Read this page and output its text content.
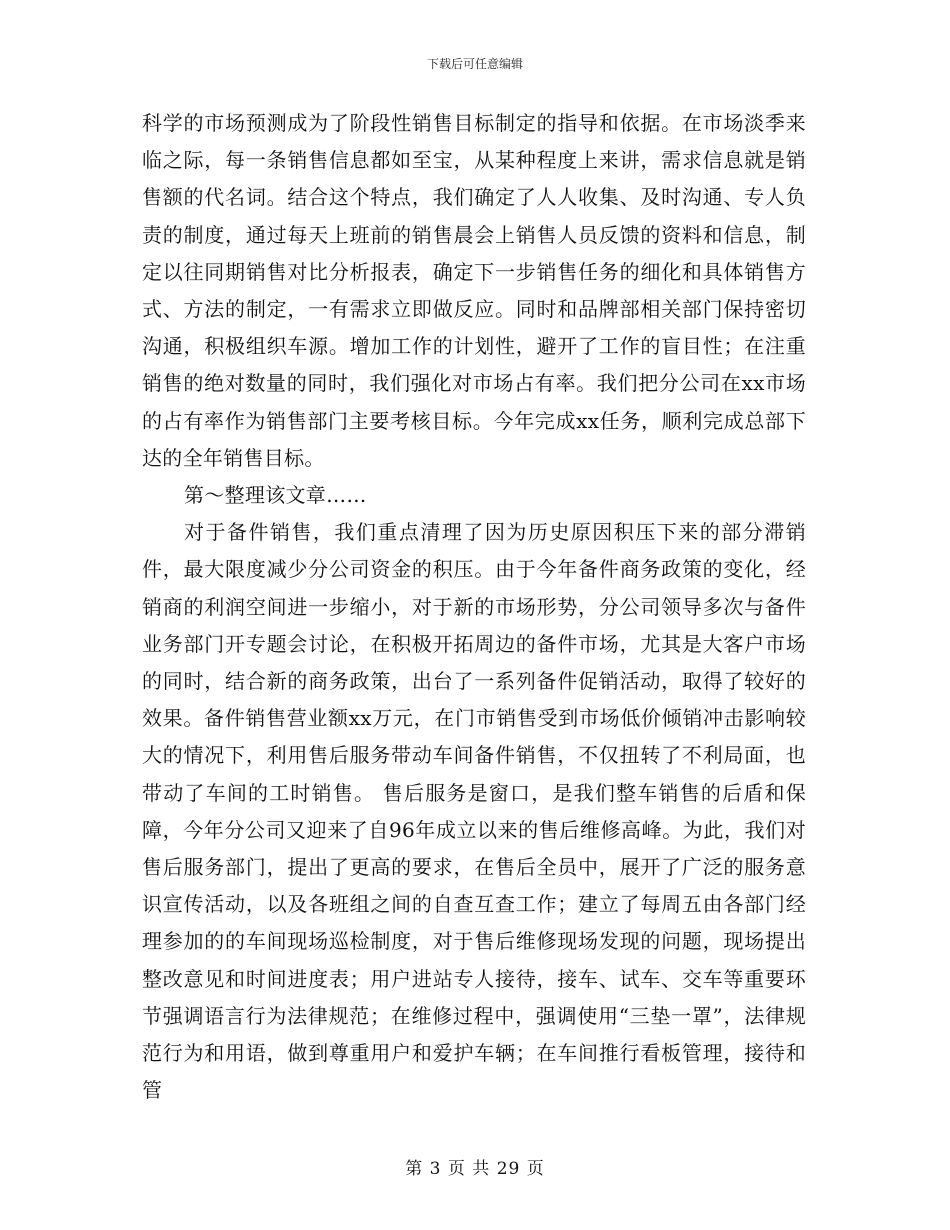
下载后可任意编辑

科学的市场预测成为了阶段性销售目标制定的指导和依据。在市场淡季来临之际，每一条销售信息都如至宝，从某种程度上来讲，需求信息就是销售额的代名词。结合这个特点，我们确定了人人收集、及时沟通、专人负责的制度，通过每天上班前的销售晨会上销售人员反馈的资料和信息，制定以往同期销售对比分析报表，确定下一步销售任务的细化和具体销售方式、方法的制定，一有需求立即做反应。同时和品牌部相关部门保持密切沟通，积极组织车源。增加工作的计划性，避开了工作的盲目性；在注重销售的绝对数量的同时，我们强化对市场占有率。我们把分公司在xx市场的占有率作为销售部门主要考核目标。今年完成xx任务，顺利完成总部下达的全年销售目标。

第～整理该文章……

对于备件销售，我们重点清理了因为历史原因积压下来的部分滞销件，最大限度减少分公司资金的积压。由于今年备件商务政策的变化，经销商的利润空间进一步缩小，对于新的市场形势，分公司领导多次与备件业务部门开专题会讨论，在积极开拓周边的备件市场，尤其是大客户市场的同时，结合新的商务政策，出台了一系列备件促销活动，取得了较好的效果。备件销售营业额xx万元，在门市销售受到市场低价倾销冲击影响较大的情况下，利用售后服务带动车间备件销售，不仅扭转了不利局面，也带动了车间的工时销售。 售后服务是窗口，是我们整车销售的后盾和保障，今年分公司又迎来了自96年成立以来的售后维修高峰。为此，我们对售后服务部门，提出了更高的要求，在售后全员中，展开了广泛的服务意识宣传活动，以及各班组之间的自查互查工作；建立了每周五由各部门经理参加的的车间现场巡检制度，对于售后维修现场发现的问题，现场提出整改意见和时间进度表；用户进站专人接待，接车、试车、交车等重要环节强调语言行为法律规范；在维修过程中，强调使用“三垫一罩”，法律规范行为和用语，做到尊重用户和爱护车辆；在车间推行看板管理，接待和管

第 3 页 共 29 页
